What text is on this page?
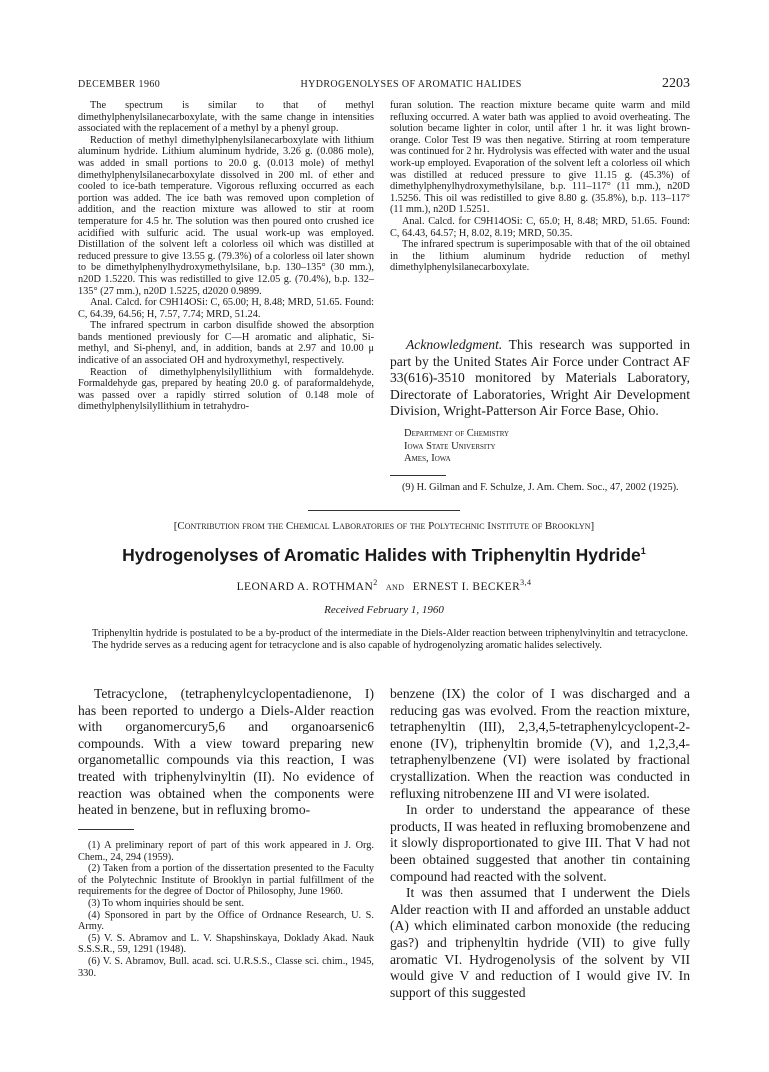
DECEMBER 1960	HYDROGENOLYSES OF AROMATIC HALIDES	2203

The spectrum is similar to that of methyl dimethylphenylsilanecarboxylate, with the same change in intensities associated with the replacement of a methyl by a phenyl group.

Reduction of methyl dimethylphenylsilanecarboxylate with lithium aluminum hydride. Lithium aluminum hydride, 3.26 g. (0.086 mole), was added in small portions to 20.0 g. (0.013 mole) of methyl dimethylphenylsilanecarboxylate dissolved in 200 ml. of ether and cooled to ice-bath temperature. Vigorous refluxing occurred as each portion was added. The ice bath was removed upon completion of addition, and the reaction mixture was allowed to stir at room temperature for 4.5 hr. The solution was then poured onto crushed ice acidified with sulfuric acid. The usual work-up was employed. Distillation of the solvent left a colorless oil which was distilled at reduced pressure to give 13.55 g. (79.3%) of a colorless oil later shown to be dimethylphenylhydroxymethylsilane, b.p. 130–135° (30 mm.), n20D 1.5220. This was redistilled to give 12.05 g. (70.4%), b.p. 132–135° (27 mm.), n20D 1.5225, d2020 0.9899.

Anal. Calcd. for C9H14OSi: C, 65.00; H, 8.48; MRD, 51.65. Found: C, 64.39, 64.56; H, 7.57, 7.74; MRD, 51.24.

The infrared spectrum in carbon disulfide showed the absorption bands mentioned previously for C—H aromatic and aliphatic, Si-methyl, and Si-phenyl, and, in addition, bands at 2.97 and 10.00 μ indicative of an associated OH and hydroxymethyl, respectively.

Reaction of dimethylphenylsilyllithium with formaldehyde. Formaldehyde gas, prepared by heating 20.0 g. of paraformaldehyde, was passed over a rapidly stirred solution of 0.148 mole of dimethylphenylsilyllithium in tetrahydro-

furan solution. The reaction mixture became quite warm and mild refluxing occurred. A water bath was applied to avoid overheating. The solution became lighter in color, until after 1 hr. it was light brown-orange. Color Test I9 was then negative. Stirring at room temperature was continued for 2 hr. Hydrolysis was effected with water and the usual work-up employed. Evaporation of the solvent left a colorless oil which was distilled at reduced pressure to give 11.15 g. (45.3%) of dimethylphenylhydroxymethylsilane, b.p. 111–117° (11 mm.), n20D 1.5256. This oil was redistilled to give 8.80 g. (35.8%), b.p. 113–117° (11 mm.), n20D 1.5251.

Anal. Calcd. for C9H14OSi: C, 65.0; H, 8.48; MRD, 51.65. Found: C, 64.43, 64.57; H, 8.02, 8.19; MRD, 50.35.

The infrared spectrum is superimposable with that of the oil obtained in the lithium aluminum hydride reduction of methyl dimethylphenylsilanecarboxylate.

Acknowledgment. This research was supported in part by the United States Air Force under Contract AF 33(616)-3510 monitored by Materials Laboratory, Directorate of Laboratories, Wright Air Development Division, Wright-Patterson Air Force Base, Ohio.

Department of Chemistry
Iowa State University
Ames, Iowa

(9) H. Gilman and F. Schulze, J. Am. Chem. Soc., 47, 2002 (1925).

[Contribution from the Chemical Laboratories of the Polytechnic Institute of Brooklyn]
Hydrogenolyses of Aromatic Halides with Triphenyltin Hydride$^1$
LEONARD A. ROTHMAN$^2$ and ERNEST I. BECKER$^{3,4}$
Received February 1, 1960

Triphenyltin hydride is postulated to be a by-product of the intermediate in the Diels-Alder reaction between triphenylvinyltin and tetracyclone. The hydride serves as a reducing agent for tetracyclone and is also capable of hydrogenolyzing aromatic halides selectively.

Tetracyclone, (tetraphenylcyclopentadienone, I) has been reported to undergo a Diels-Alder reaction with organomercury5,6 and organoarsenic6 compounds. With a view toward preparing new organometallic compounds via this reaction, I was treated with triphenylvinyltin (II). No evidence of reaction was obtained when the components were heated in benzene, but in refluxing bromo-

(1) A preliminary report of part of this work appeared in J. Org. Chem., 24, 294 (1959).

(2) Taken from a portion of the dissertation presented to the Faculty of the Polytechnic Institute of Brooklyn in partial fulfillment of the requirements for the degree of Doctor of Philosophy, June 1960.

(3) To whom inquiries should be sent.

(4) Sponsored in part by the Office of Ordnance Research, U. S. Army.

(5) V. S. Abramov and L. V. Shapshinskaya, Doklady Akad. Nauk S.S.S.R., 59, 1291 (1948).

(6) V. S. Abramov, Bull. acad. sci. U.R.S.S., Classe sci. chim., 1945, 330.

benzene (IX) the color of I was discharged and a reducing gas was evolved. From the reaction mixture, tetraphenyltin (III), 2,3,4,5-tetraphenylcyclopent-2-enone (IV), triphenyltin bromide (V), and 1,2,3,4-tetraphenylbenzene (VI) were isolated by fractional crystallization. When the reaction was conducted in refluxing nitrobenzene III and VI were isolated.

In order to understand the appearance of these products, II was heated in refluxing bromobenzene and it slowly disproportionated to give III. That V had not been obtained suggested that another tin containing compound had reacted with the solvent.

It was then assumed that I underwent the Diels Alder reaction with II and afforded an unstable adduct (A) which eliminated carbon monoxide (the reducing gas?) and triphenyltin hydride (VII) to give fully aromatic VI. Hydrogenolysis of the solvent by VII would give V and reduction of I would give IV. In support of this suggested
